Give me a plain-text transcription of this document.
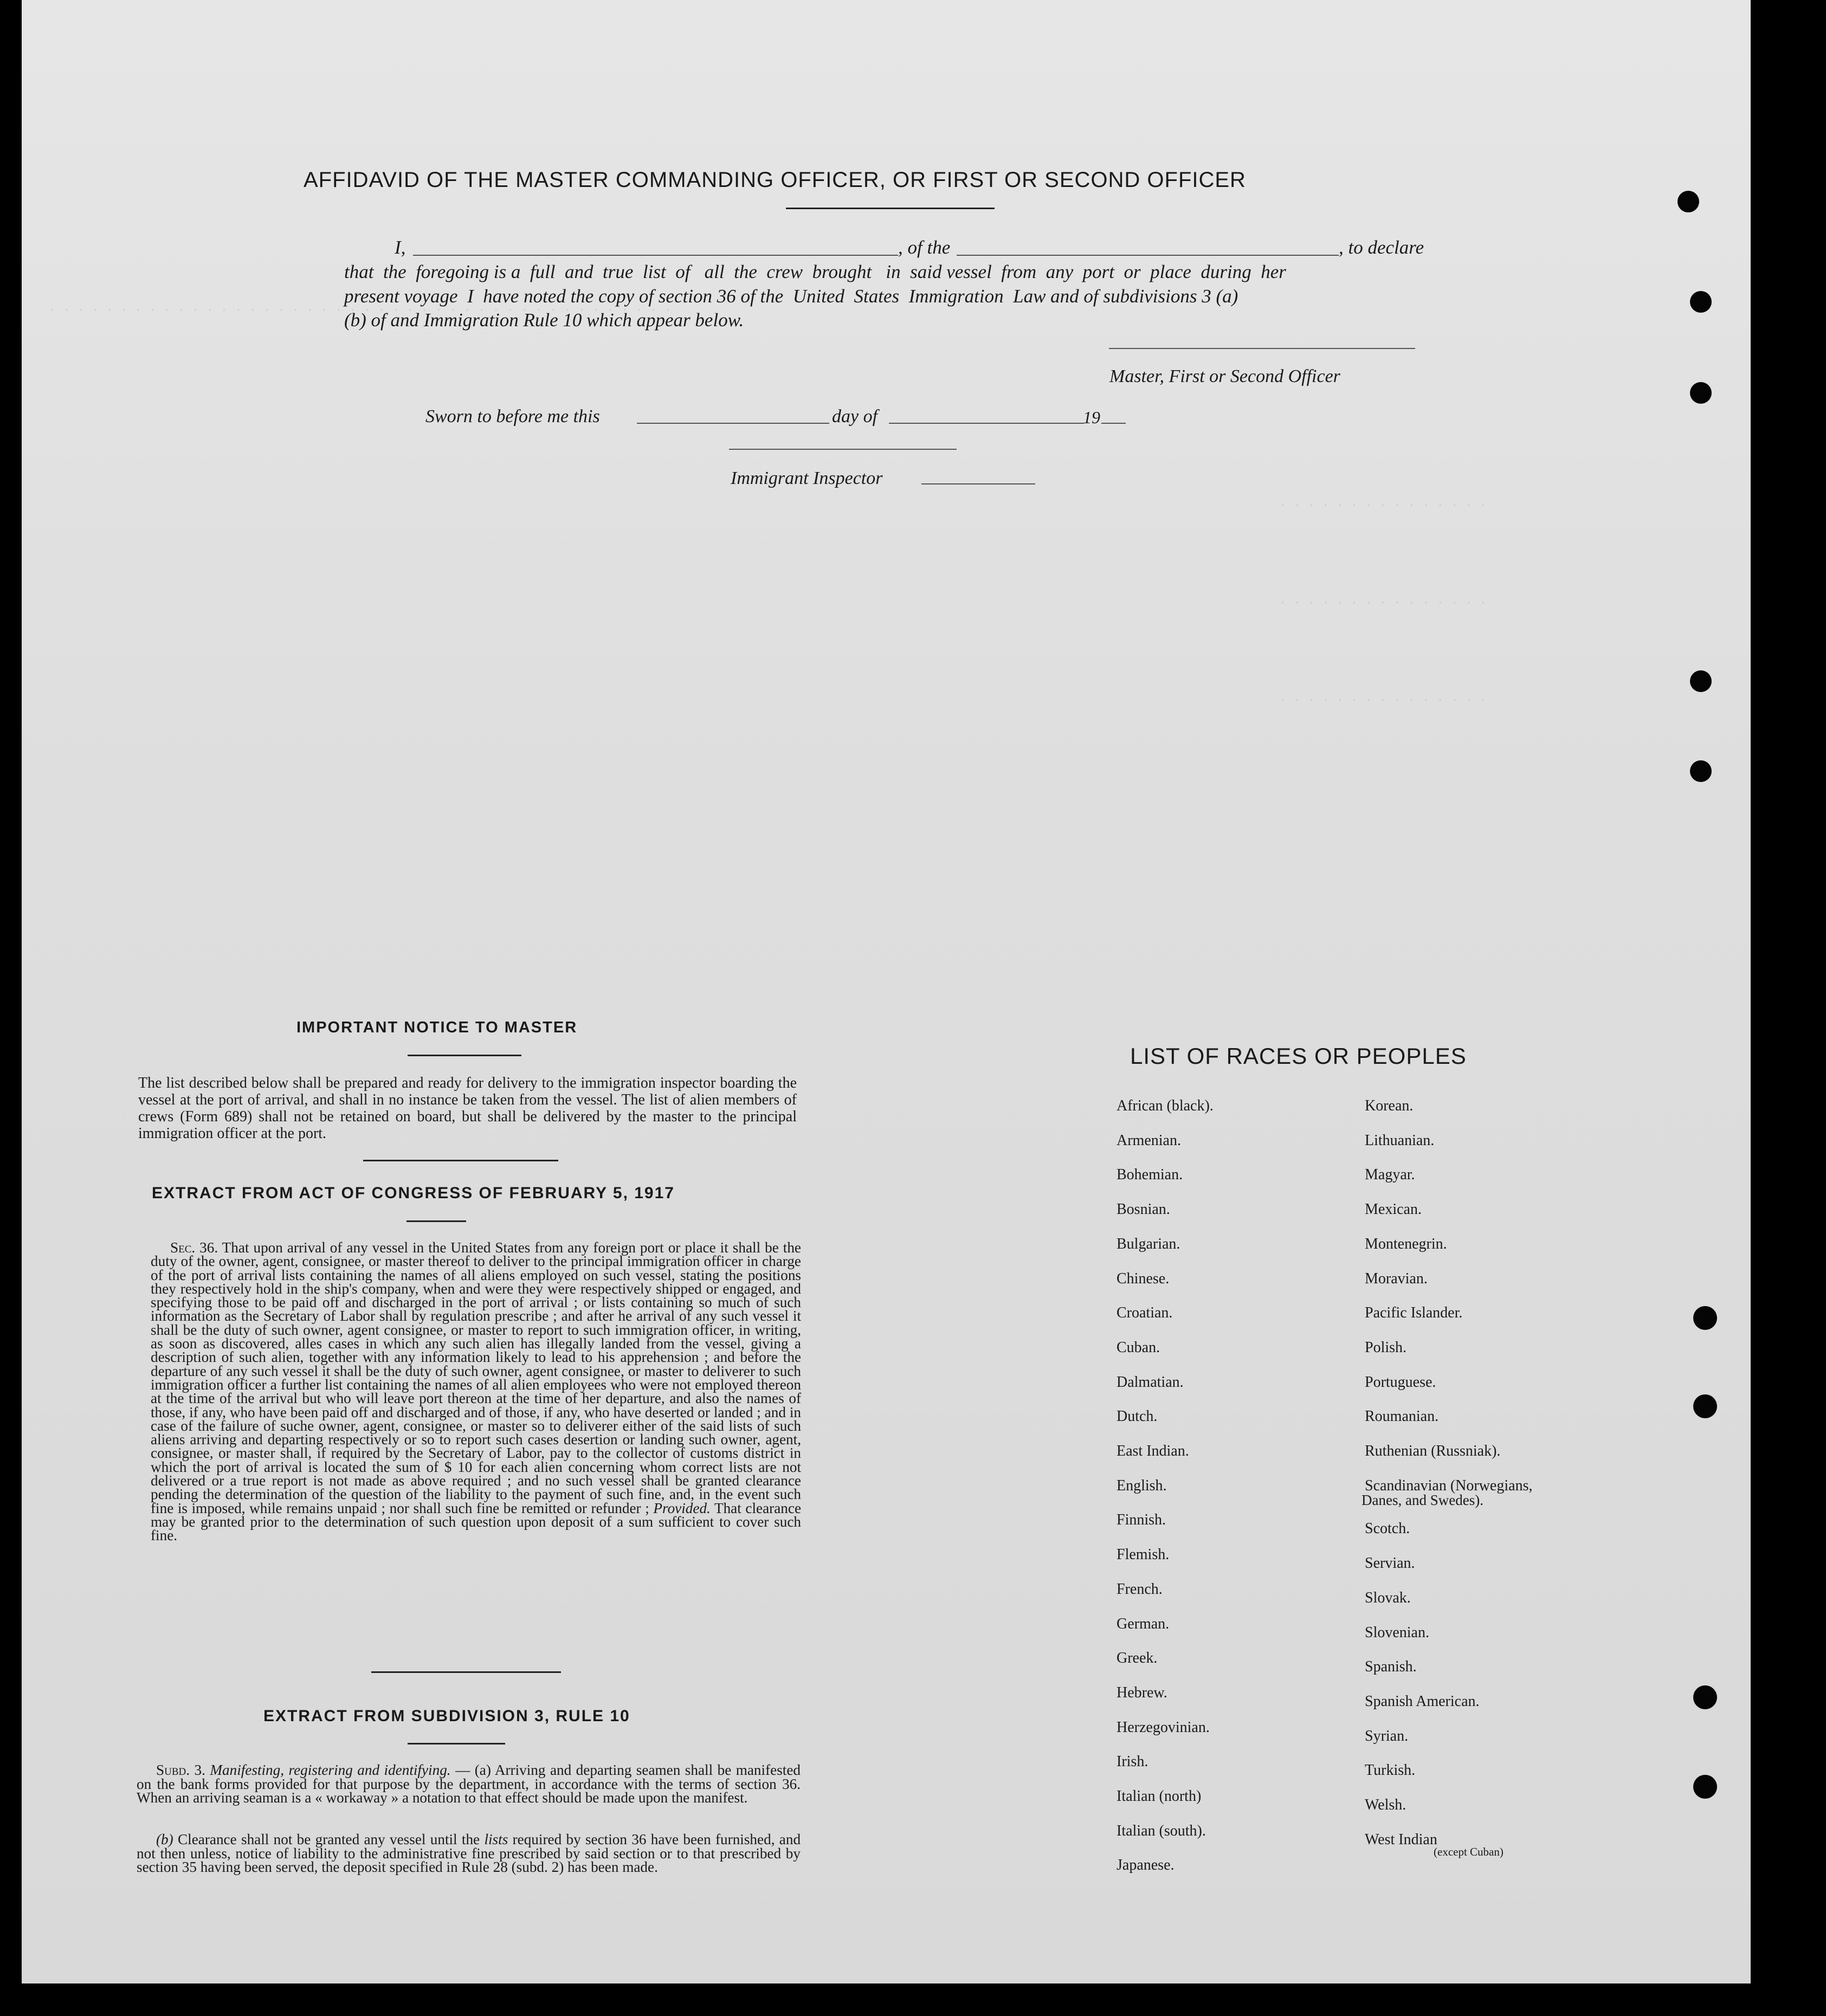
· · · · · · · · · · · · · · · · · · · · · · · · · · · · · · · · · · · · · · · · · · · ·
· · · · · · · · · · · · · · ·
· · · · · · · · · · · · · · ·
· · · · · · · · · · · · · · ·
AFFIDAVID OF THE MASTER COMMANDING OFFICER, OR FIRST OR SECOND OFFICER
I,	, of the	, to declare
that  the  foregoing is a  full  and  true  list  of   all  the  crew  brought   in  said vessel  from  any  port  or  place  during  her
present voyage  I  have noted the copy of section 36 of the  United  States  Immigration  Law and of subdivisions 3 (a)
(b) of and Immigration Rule 10 which appear below.
Master, First or Second Officer
Sworn to before me this	day of	19
Immigrant Inspector
IMPORTANT NOTICE TO MASTER
The list described below shall be prepared and ready for delivery to the immigration inspector boarding the vessel at the port of arrival, and shall in no instance be taken from the vessel. The list of alien members of crews (Form 689) shall not be retained on board, but shall be delivered by the master to the principal immigration officer at the port.
EXTRACT FROM ACT OF CONGRESS OF FEBRUARY 5, 1917
Sec. 36. That upon arrival of any vessel in the United States from any foreign port or place it shall be the duty of the owner, agent, consignee, or master thereof to deliver to the principal immigration officer in charge of the port of arrival lists containing the names of all aliens employed on such vessel, stating the positions they respectively hold in the ship's company, when and were they were respectively shipped or engaged, and specifying those to be paid off and discharged in the port of arrival ; or lists containing so much of such information as the Secretary of Labor shall by regulation prescribe ; and after he arrival of any such vessel it shall be the duty of such owner, agent consignee, or master to report to such immigration officer, in writing, as soon as discovered, alles cases in which any such alien has illegally landed from the vessel, giving a description of such alien, together with any information likely to lead to his apprehension ; and before the departure of any such vessel it shall be the duty of such owner, agent consignee, or master to deliverer to such immigration officer a further list containing the names of all alien employees who were not employed thereon at the time of the arrival but who will leave port thereon at the time of her departure, and also the names of those, if any, who have been paid off and discharged and of those, if any, who have deserted or landed ; and in case of the failure of suche owner, agent, consignee, or master so to deliverer either of the said lists of such aliens arriving and departing respectively or so to report such cases desertion or landing such owner, agent, consignee, or master shall, if required by the Secretary of Labor, pay to the collector of customs district in which the port of arrival is located the sum of $ 10 for each alien concerning whom correct lists are not delivered or a true report is not made as above required ; and no such vessel shall be granted clearance pending the determination of the question of the liability to the payment of such fine, and, in the event such fine is imposed, while remains unpaid ; nor shall such fine be remitted or refunder ; Provided. That clearance may be granted prior to the determination of such question upon deposit of a sum sufficient to cover such fine.
EXTRACT FROM SUBDIVISION 3, RULE 10
Subd. 3. Manifesting, registering and identifying. — (a) Arriving and departing seamen shall be manifested on the bank forms provided for that purpose by the department, in accordance with the terms of section 36. When an arriving seaman is a « workaway » a notation to that effect should be made upon the manifest.
(b) Clearance shall not be granted any vessel until the lists required by section 36 have been furnished, and not then unless, notice of liability to the administrative fine prescribed by said section or to that prescribed by section 35 having been served, the deposit specified in Rule 28 (subd. 2) has been made.
LIST OF RACES OR PEOPLES
African (black).
Armenian.
Bohemian.
Bosnian.
Bulgarian.
Chinese.
Croatian.
Cuban.
Dalmatian.
Dutch.
East Indian.
English.
Finnish.
Flemish.
French.
German.
Greek.
Hebrew.
Herzegovinian.
Irish.
Italian (north)
Italian (south).
Japanese.
Korean.
Lithuanian.
Magyar.
Mexican.
Montenegrin.
Moravian.
Pacific Islander.
Polish.
Portuguese.
Roumanian.
Ruthenian (Russniak).
Scandinavian (Norwegians,
Scotch.
Servian.
Slovak.
Slovenian.
Spanish.
Spanish American.
Syrian.
Turkish.
Welsh.
West Indian
Danes, and Swedes).
(except Cuban)
